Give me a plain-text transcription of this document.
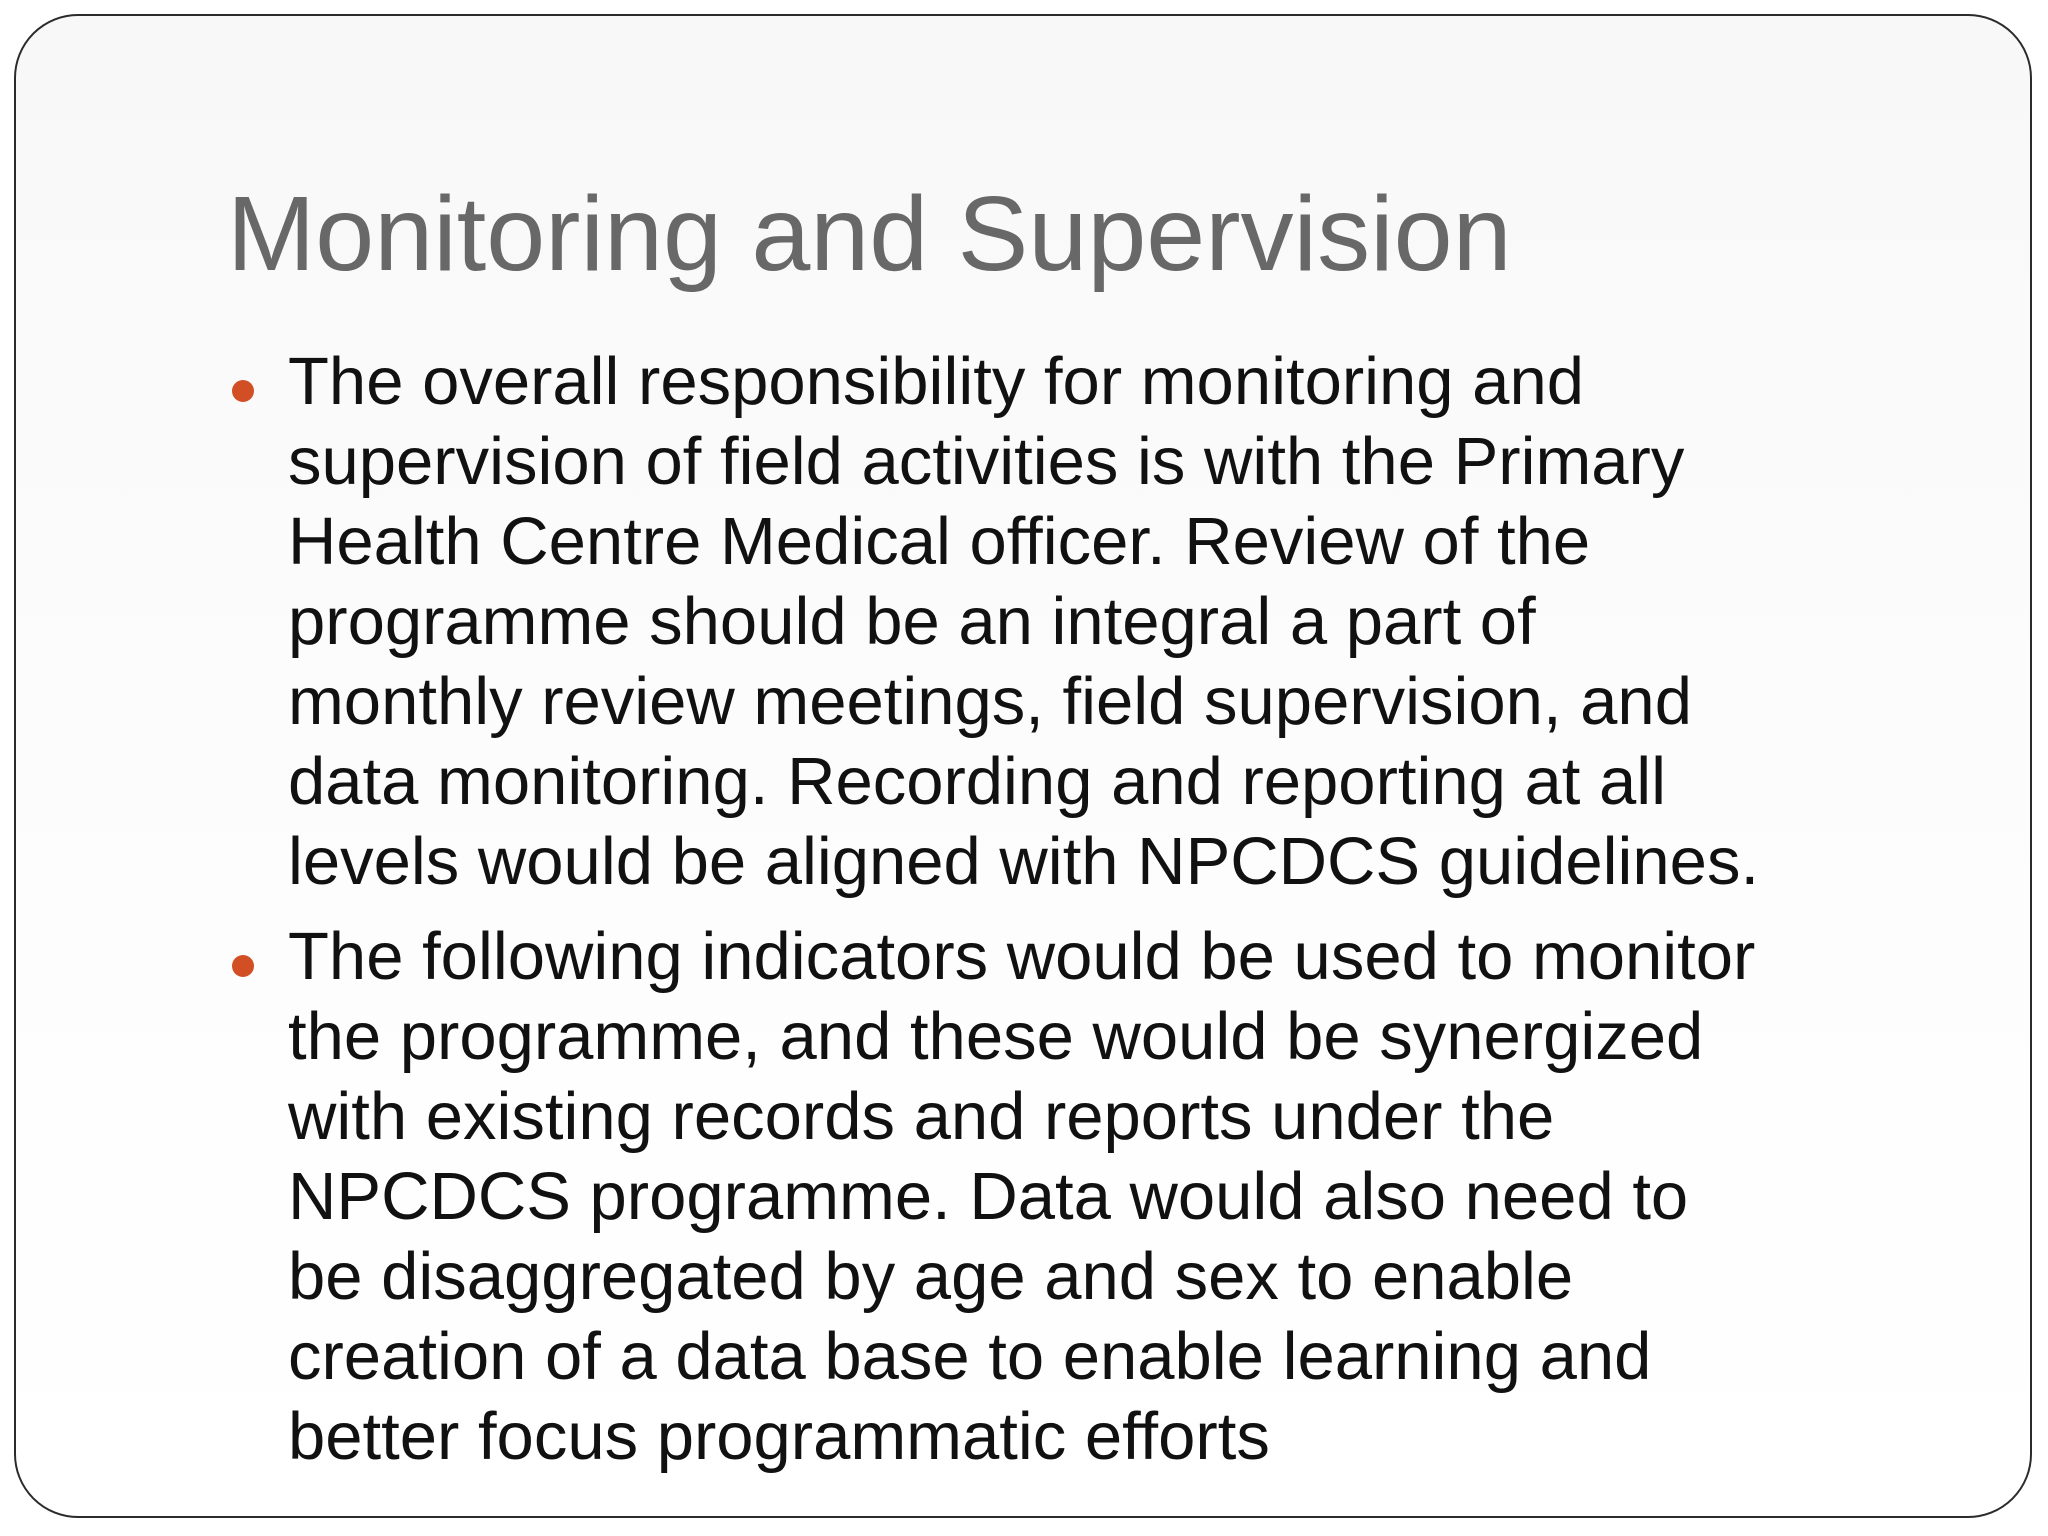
Monitoring and Supervision
The overall responsibility for monitoring and
supervision of field activities is with the Primary
Health Centre Medical officer. Review of the
programme should be an integral a part of
monthly review meetings, field supervision, and
data monitoring. Recording and reporting at all
levels would be aligned with NPCDCS guidelines.
The following indicators would be used to monitor
the programme, and these would be synergized
with existing records and reports under the
NPCDCS programme. Data would also need to
be disaggregated by age and sex to enable
creation of a data base to enable learning and
better focus programmatic efforts
